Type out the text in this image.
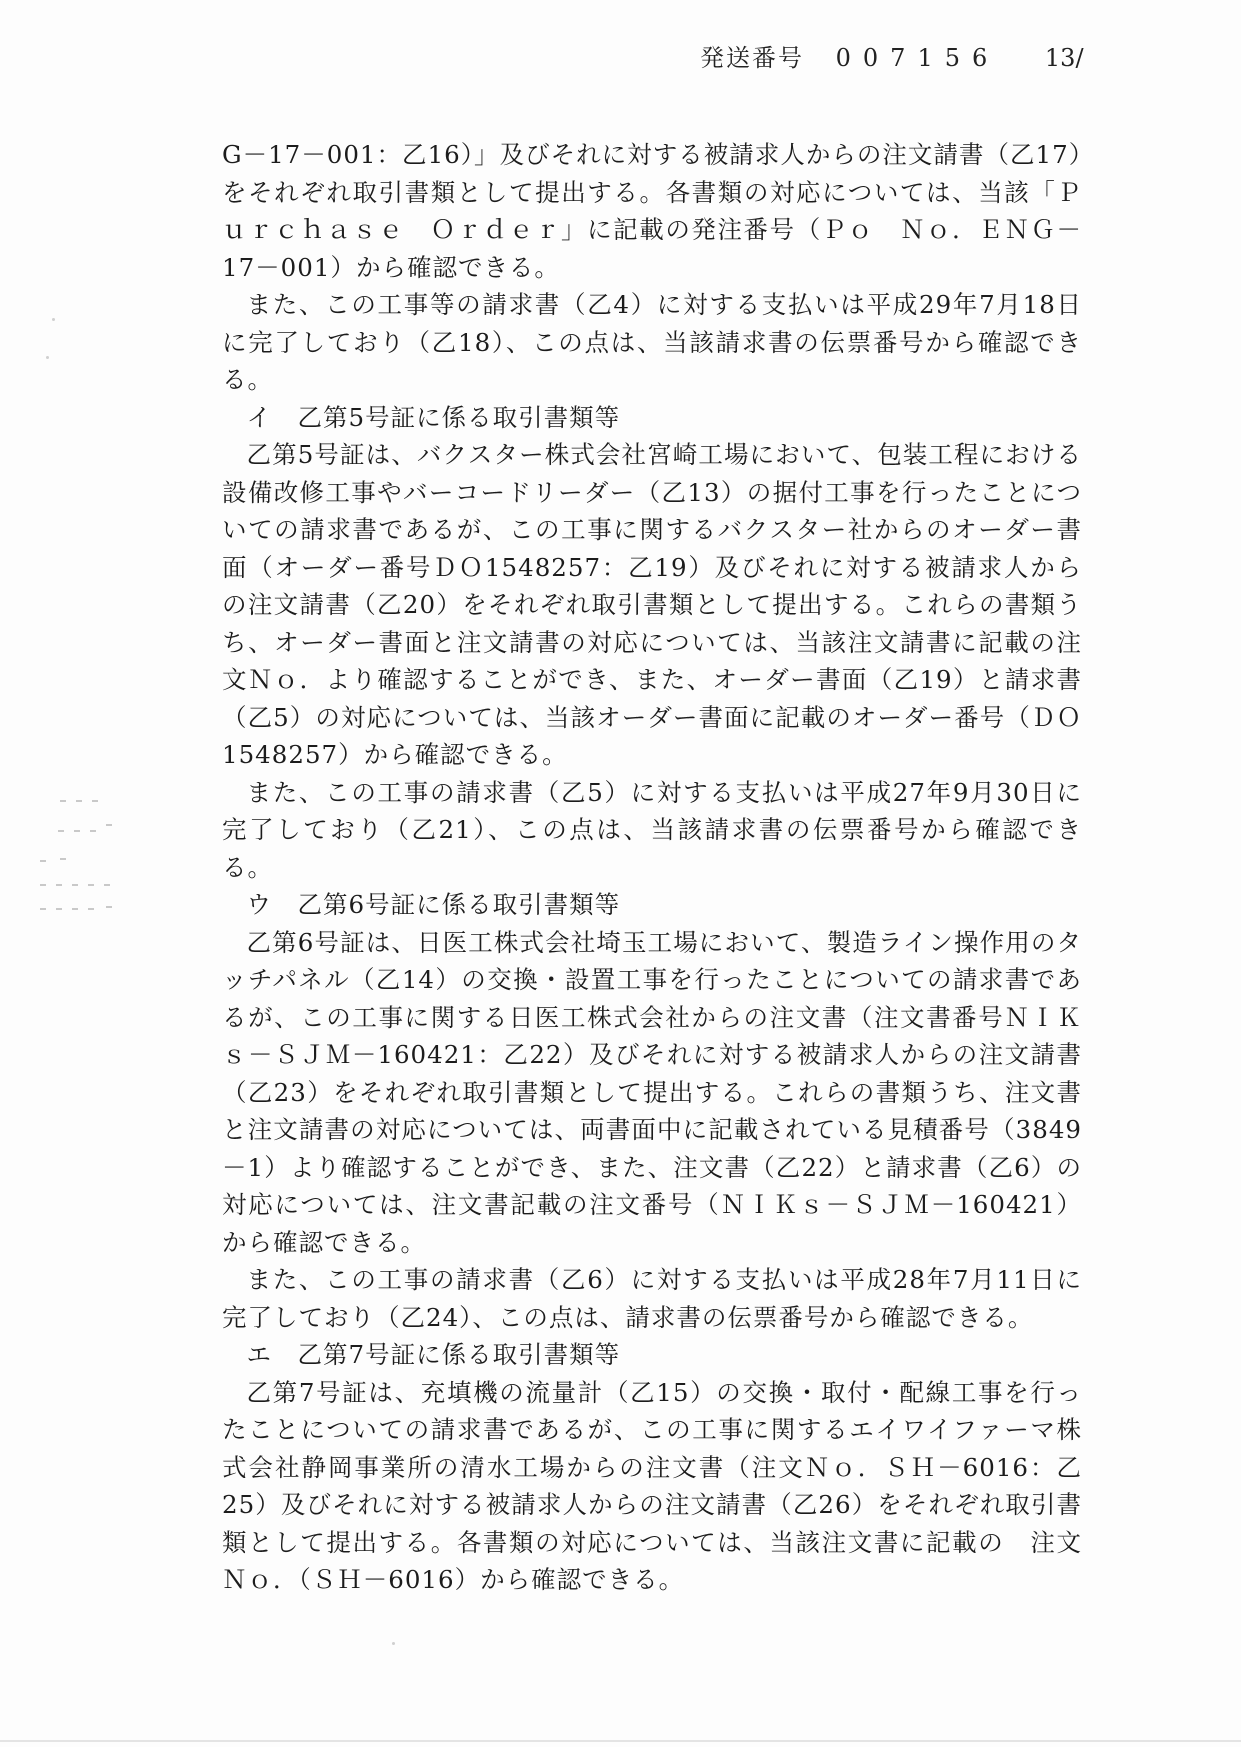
発送番号 007156 13/

G－17－001：乙16）」及びそれに対する被請求人からの注文請書（乙17）をそれぞれ取引書類として提出する。各書類の対応については、当該「Ｐｕｒｃｈａｓｅ　Ｏｒｄｅｒ」に記載の発注番号（Ｐｏ　Ｎｏ．ＥＮＧ－17－001）から確認できる。

また、この工事等の請求書（乙4）に対する支払いは平成29年7月18日に完了しており（乙18）、この点は、当該請求書の伝票番号から確認できる。

イ　乙第5号証に係る取引書類等

乙第5号証は、バクスター株式会社宮崎工場において、包装工程における設備改修工事やバーコードリーダー（乙13）の据付工事を行ったことについての請求書であるが、この工事に関するバクスター社からのオーダー書面（オーダー番号ＤＯ1548257：乙19）及びそれに対する被請求人からの注文請書（乙20）をそれぞれ取引書類として提出する。これらの書類うち、オーダー書面と注文請書の対応については、当該注文請書に記載の注文Ｎｏ．より確認することができ、また、オーダー書面（乙19）と請求書（乙5）の対応については、当該オーダー書面に記載のオーダー番号（ＤＯ1548257）から確認できる。

また、この工事の請求書（乙5）に対する支払いは平成27年9月30日に完了しており（乙21）、この点は、当該請求書の伝票番号から確認できる。

ウ　乙第6号証に係る取引書類等

乙第6号証は、日医工株式会社埼玉工場において、製造ライン操作用のタッチパネル（乙14）の交換・設置工事を行ったことについての請求書であるが、この工事に関する日医工株式会社からの注文書（注文書番号ＮＩＫｓ－ＳＪＭ－160421：乙22）及びそれに対する被請求人からの注文請書（乙23）をそれぞれ取引書類として提出する。これらの書類うち、注文書と注文請書の対応については、両書面中に記載されている見積番号（3849－1）より確認することができ、また、注文書（乙22）と請求書（乙6）の対応については、注文書記載の注文番号（ＮＩＫｓ－ＳＪＭ－160421）から確認できる。

また、この工事の請求書（乙6）に対する支払いは平成28年7月11日に完了しており（乙24）、この点は、請求書の伝票番号から確認できる。

エ　乙第7号証に係る取引書類等

乙第7号証は、充填機の流量計（乙15）の交換・取付・配線工事を行ったことについての請求書であるが、この工事に関するエイワイファーマ株式会社静岡事業所の清水工場からの注文書（注文Ｎｏ．ＳＨ－6016：乙25）及びそれに対する被請求人からの注文請書（乙26）をそれぞれ取引書類として提出する。各書類の対応については、当該注文書に記載の　注文Ｎｏ．（ＳＨ－6016）から確認できる。
